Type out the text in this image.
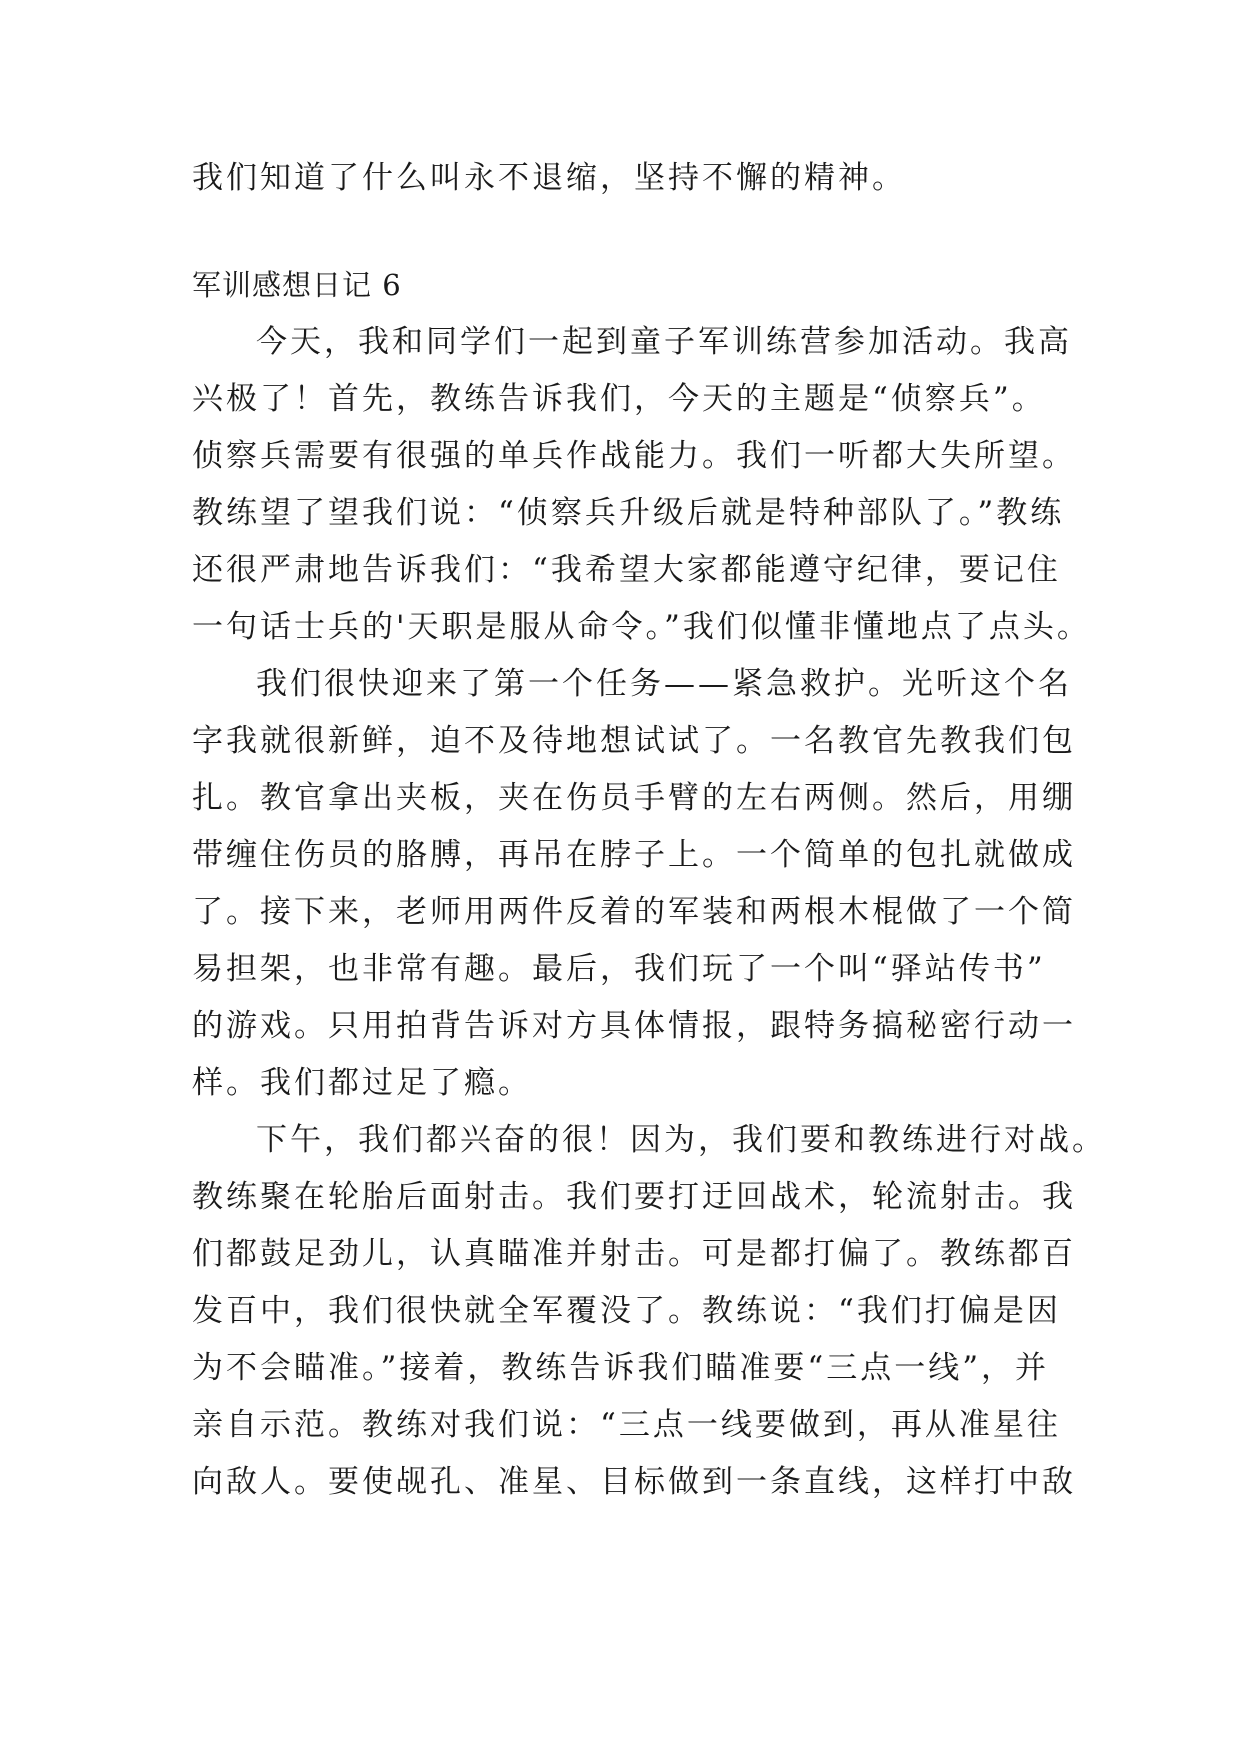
我们知道了什么叫永不退缩，坚持不懈的精神。
军训感想日记 6
今天，我和同学们一起到童子军训练营参加活动。我高
兴极了！首先，教练告诉我们，今天的主题是“侦察兵”。
侦察兵需要有很强的单兵作战能力。我们一听都大失所望。
教练望了望我们说：“侦察兵升级后就是特种部队了。”教练
还很严肃地告诉我们：“我希望大家都能遵守纪律，要记住
一句话士兵的'天职是服从命令。”我们似懂非懂地点了点头。
我们很快迎来了第一个任务——紧急救护。光听这个名
字我就很新鲜，迫不及待地想试试了。一名教官先教我们包
扎。教官拿出夹板，夹在伤员手臂的左右两侧。然后，用绷
带缠住伤员的胳膊，再吊在脖子上。一个简单的包扎就做成
了。接下来，老师用两件反着的军装和两根木棍做了一个简
易担架，也非常有趣。最后，我们玩了一个叫“驿站传书”
的游戏。只用拍背告诉对方具体情报，跟特务搞秘密行动一
样。我们都过足了瘾。
下午，我们都兴奋的很！因为，我们要和教练进行对战。
教练聚在轮胎后面射击。我们要打迂回战术，轮流射击。我
们都鼓足劲儿，认真瞄准并射击。可是都打偏了。教练都百
发百中，我们很快就全军覆没了。教练说：“我们打偏是因
为不会瞄准。”接着，教练告诉我们瞄准要“三点一线”，并
亲自示范。教练对我们说：“三点一线要做到，再从准星往
向敌人。要使觇孔、准星、目标做到一条直线，这样打中敌
